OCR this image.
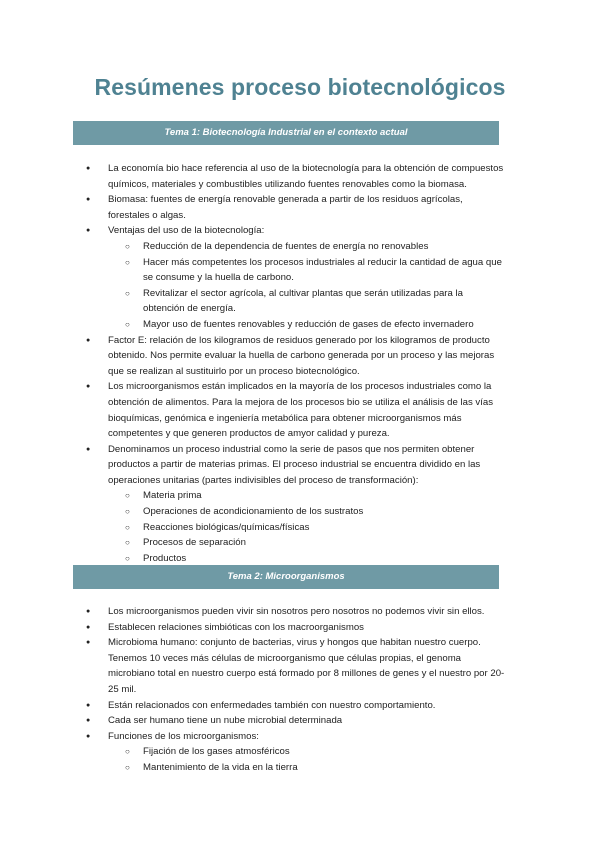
Resúmenes proceso biotecnológicos
Tema 1: Biotecnología Industrial en el contexto actual
● La economía bio hace referencia al uso de la biotecnología para la obtención de compuestos químicos, materiales y combustibles utilizando fuentes renovables como la biomasa.
● Biomasa: fuentes de energía renovable generada a partir de los residuos agrícolas, forestales o algas.
● Ventajas del uso de la biotecnología:
○ Reducción de la dependencia de fuentes de energía no renovables
○ Hacer más competentes los procesos industriales al reducir la cantidad de agua que se consume y la huella de carbono.
○ Revitalizar el sector agrícola, al cultivar plantas que serán utilizadas para la obtención de energía.
○ Mayor uso de fuentes renovables y reducción de gases de efecto invernadero
● Factor E: relación de los kilogramos de residuos generado por los kilogramos de producto obtenido. Nos permite evaluar la huella de carbono generada por un proceso y las mejoras que se realizan al sustituirlo por un proceso biotecnológico.
● Los microorganismos están implicados en la mayoría de los procesos industriales como la obtención de alimentos. Para la mejora de los procesos bio se utiliza el análisis de las vías bioquímicas, genómica e ingeniería metabólica para obtener microorganismos más competentes y que generen productos de amyor calidad y pureza.
● Denominamos un proceso industrial como la serie de pasos que nos permiten obtener productos a partir de materias primas. El proceso industrial se encuentra dividido en las operaciones unitarias (partes indivisibles del proceso de transformación):
○ Materia prima
○ Operaciones de acondicionamiento de los sustratos
○ Reacciones biológicas/químicas/físicas
○ Procesos de separación
○ Productos
Tema 2: Microorganismos
● Los microorganismos pueden vivir sin nosotros pero nosotros no podemos vivir sin ellos.
● Establecen relaciones simbióticas con los macroorganismos
● Microbioma humano: conjunto de bacterias, virus y hongos que habitan nuestro cuerpo. Tenemos 10 veces más células de microorganismo que células propias, el genoma microbiano total en nuestro cuerpo está formado por 8 millones de genes y el nuestro por 20-25 mil.
● Están relacionados con enfermedades también con nuestro comportamiento.
● Cada ser humano tiene un nube microbial determinada
● Funciones de los microorganismos:
○ Fijación de los gases atmosféricos
○ Mantenimiento de la vida en la tierra
